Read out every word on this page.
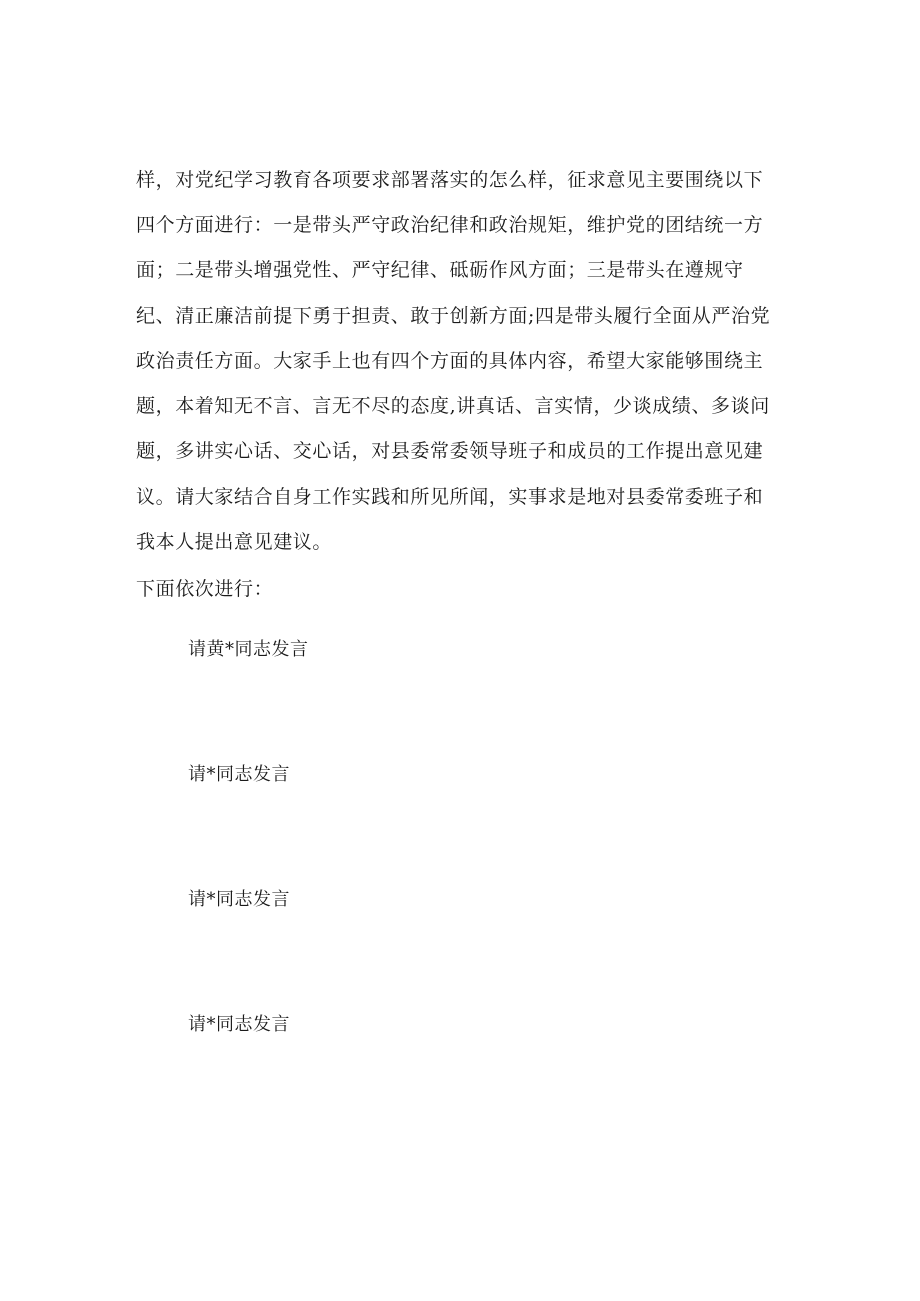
样，对党纪学习教育各项要求部署落实的怎么样，征求意见主要围绕以下
四个方面进行：一是带头严守政治纪律和政治规矩，维护党的团结统一方
面；二是带头增强党性、严守纪律、砥砺作风方面；三是带头在遵规守
纪、清正廉洁前提下勇于担责、敢于创新方面;四是带头履行全面从严治党
政治责任方面。大家手上也有四个方面的具体内容，希望大家能够围绕主
题，本着知无不言、言无不尽的态度,讲真话、言实情，少谈成绩、多谈问
题，多讲实心话、交心话，对县委常委领导班子和成员的工作提出意见建
议。请大家结合自身工作实践和所见所闻，实事求是地对县委常委班子和
我本人提出意见建议。
下面依次进行：
请黄*同志发言
请*同志发言
请*同志发言
请*同志发言
